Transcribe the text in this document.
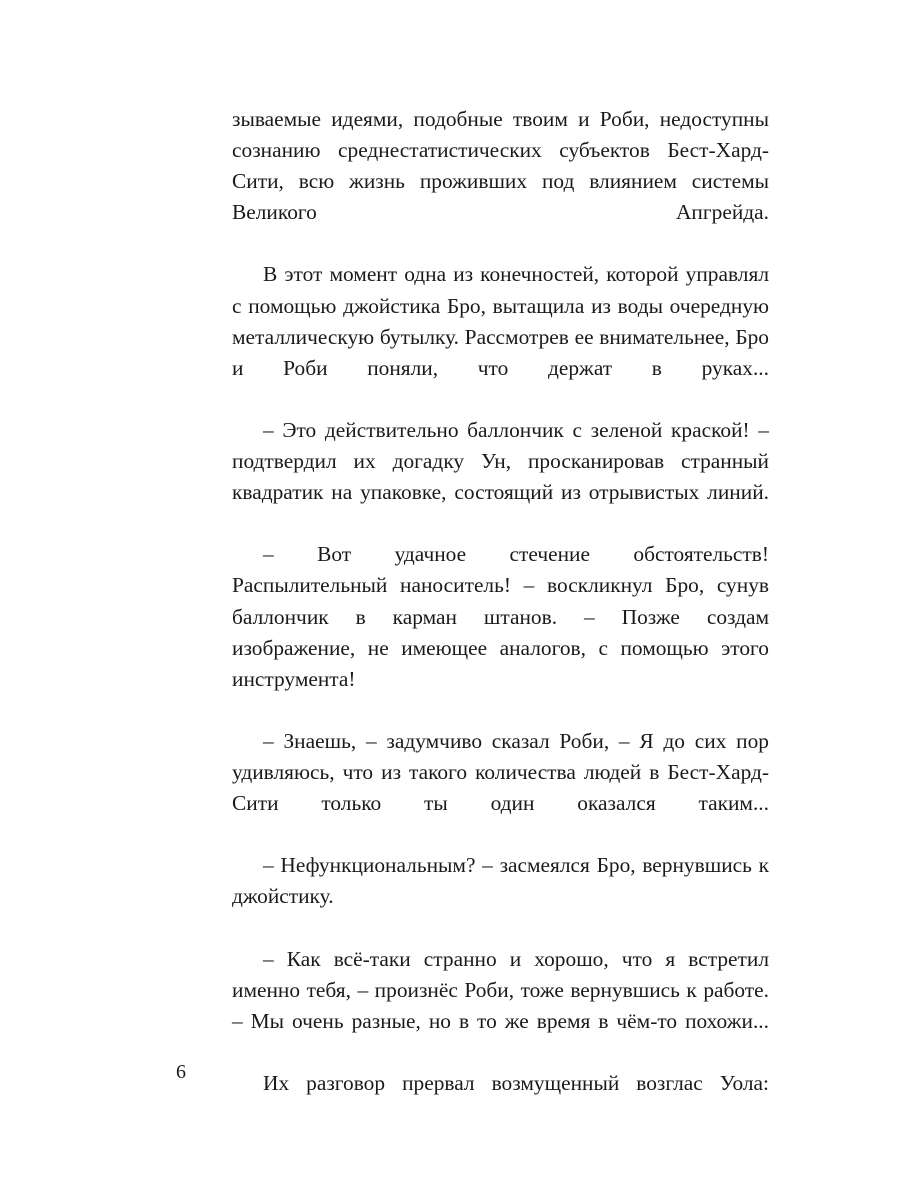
зываемые идеями, подобные твоим и Роби, недоступны сознанию среднестатистических субъектов Бест-Хард-Сити, всю жизнь проживших под влиянием системы Великого Апгрейда.

В этот момент одна из конечностей, которой управлял с помощью джойстика Бро, вытащила из воды очередную металлическую бутылку. Рассмотрев ее внимательнее, Бро и Роби поняли, что держат в руках...

– Это действительно баллончик с зеленой краской! – подтвердил их догадку Ун, просканировав странный квадратик на упаковке, состоящий из отрывистых линий.

– Вот удачное стечение обстоятельств! Распылительный наноситель! – воскликнул Бро, сунув баллончик в карман штанов. – Позже создам изображение, не имеющее аналогов, с помощью этого инструмента!

– Знаешь, – задумчиво сказал Роби, – Я до сих пор удивляюсь, что из такого количества людей в Бест-Хард-Сити только ты один оказался таким...

– Нефункциональным? – засмеялся Бро, вернувшись к джойстику.

– Как всё-таки странно и хорошо, что я встретил именно тебя, – произнёс Роби, тоже вернувшись к работе. – Мы очень разные, но в то же время в чём-то похожи...

Их разговор прервал возмущенный возглас Уола:

6
